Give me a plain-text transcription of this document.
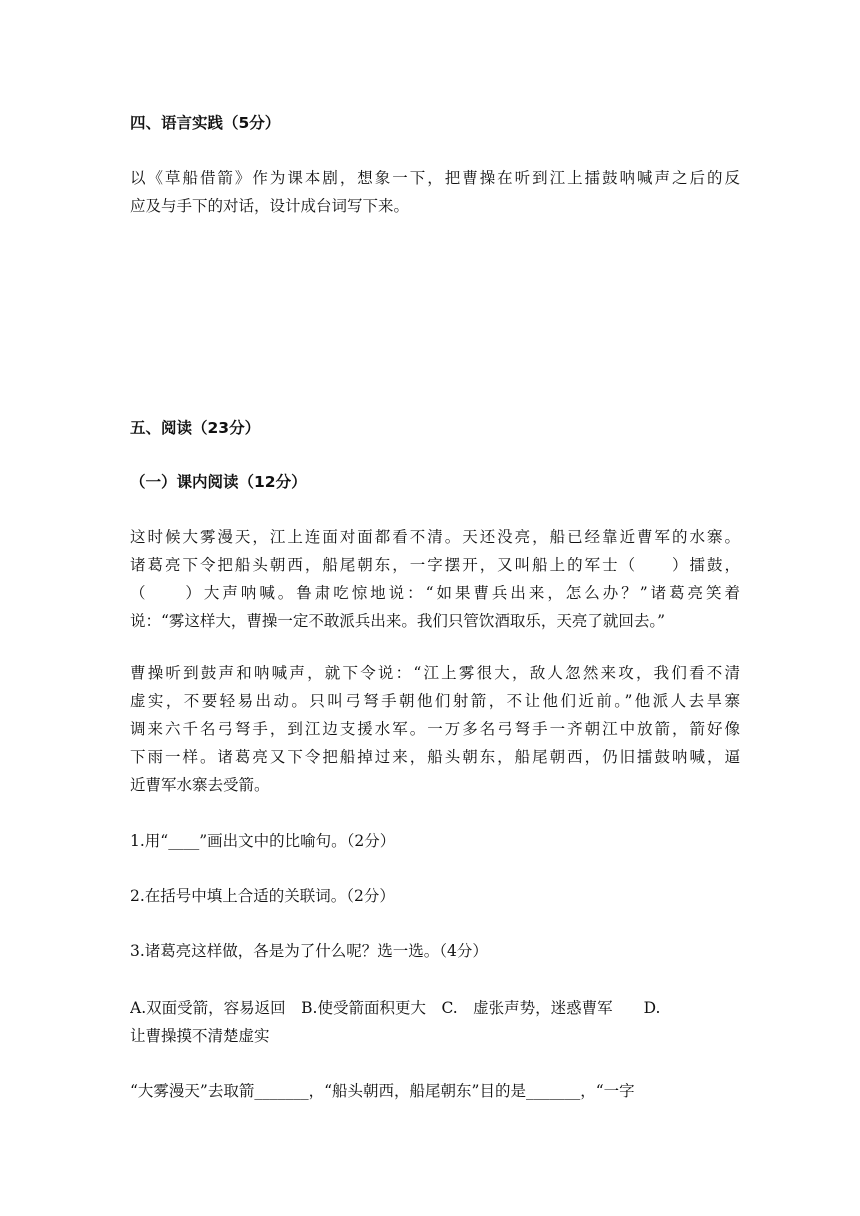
四、语言实践（5分）
以《草船借箭》作为课本剧，想象一下，把曹操在听到江上擂鼓呐喊声之后的反
应及与手下的对话，设计成台词写下来。
五、阅读（23分）
（一）课内阅读（12分）
这时候大雾漫天，江上连面对面都看不清。天还没亮，船已经靠近曹军的水寨。
诸葛亮下令把船头朝西，船尾朝东，一字摆开，又叫船上的军士（　　）擂鼓，
（　　）大声呐喊。鲁肃吃惊地说：“如果曹兵出来，怎么办？”诸葛亮笑着
说：“雾这样大，曹操一定不敢派兵出来。我们只管饮酒取乐，天亮了就回去。”
曹操听到鼓声和呐喊声，就下令说：“江上雾很大，敌人忽然来攻，我们看不清
虚实，不要轻易出动。只叫弓弩手朝他们射箭，不让他们近前。”他派人去旱寨
调来六千名弓弩手，到江边支援水军。一万多名弓弩手一齐朝江中放箭，箭好像
下雨一样。诸葛亮又下令把船掉过来，船头朝东，船尾朝西，仍旧擂鼓呐喊，逼
近曹军水寨去受箭。
1.用“____”画出文中的比喻句。（2分）
2.在括号中填上合适的关联词。（2分）
3.诸葛亮这样做，各是为了什么呢？选一选。（4分）
A.双面受箭，容易返回　B.使受箭面积更大　C.　虚张声势，迷惑曹军　　D.
让曹操摸不清楚虚实
“大雾漫天”去取箭_______，“船头朝西，船尾朝东”目的是_______，“一字
